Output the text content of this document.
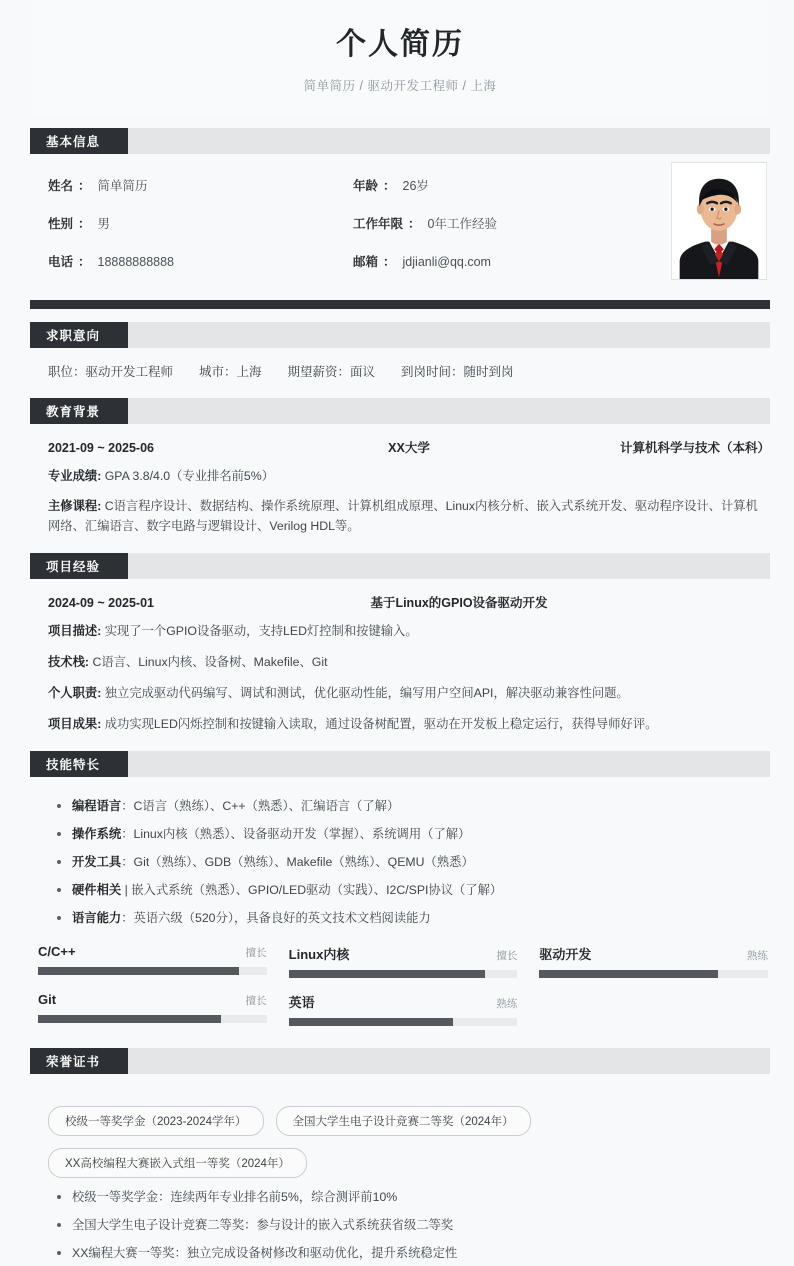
个人简历
简单简历 / 驱动开发工程师 / 上海
基本信息
姓名 ： 简单简历	年龄 ： 26岁
性别 ： 男	工作年限 ： 0年工作经验
电话 ： 18888888888	邮箱 ： jdjianli@qq.com
求职意向
职位：驱动开发工程师 城市：上海 期望薪资：面议 到岗时间：随时到岗
教育背景
2021-09 ~ 2025-06	XX大学	计算机科学与技术（本科）
专业成绩: GPA 3.8/4.0（专业排名前5%）
主修课程: C语言程序设计、数据结构、操作系统原理、计算机组成原理、Linux内核分析、嵌入式系统开发、驱动程序设计、计算机网络、汇编语言、数字电路与逻辑设计、Verilog HDL等。
项目经验
2024-09 ~ 2025-01	基于Linux的GPIO设备驱动开发
项目描述: 实现了一个GPIO设备驱动，支持LED灯控制和按键输入。
技术栈: C语言、Linux内核、设备树、Makefile、Git
个人职责: 独立完成驱动代码编写、调试和测试，优化驱动性能，编写用户空间API，解决驱动兼容性问题。
项目成果: 成功实现LED闪烁控制和按键输入读取，通过设备树配置，驱动在开发板上稳定运行，获得导师好评。
技能特长
编程语言：C语言（熟练）、C++（熟悉）、汇编语言（了解）
操作系统：Linux内核（熟悉）、设备驱动开发（掌握）、系统调用（了解）
开发工具：Git（熟练）、GDB（熟练）、Makefile（熟练）、QEMU（熟悉）
硬件相关 | 嵌入式系统（熟悉）、GPIO/LED驱动（实践）、I2C/SPI协议（了解）
语言能力：英语六级（520分），具备良好的英文技术文档阅读能力
C/C++	擅长 Linux内核	擅长 驱动开发	熟练
Git	擅长 英语	熟练
荣誉证书
校级一等奖学金（2023-2024学年）	全国大学生电子设计竞赛二等奖（2024年）
XX高校编程大赛嵌入式组一等奖（2024年）
校级一等奖学金：连续两年专业排名前5%，综合测评前10%
全国大学生电子设计竞赛二等奖：参与设计的嵌入式系统获省级二等奖
XX编程大赛一等奖：独立完成设备树修改和驱动优化，提升系统稳定性
